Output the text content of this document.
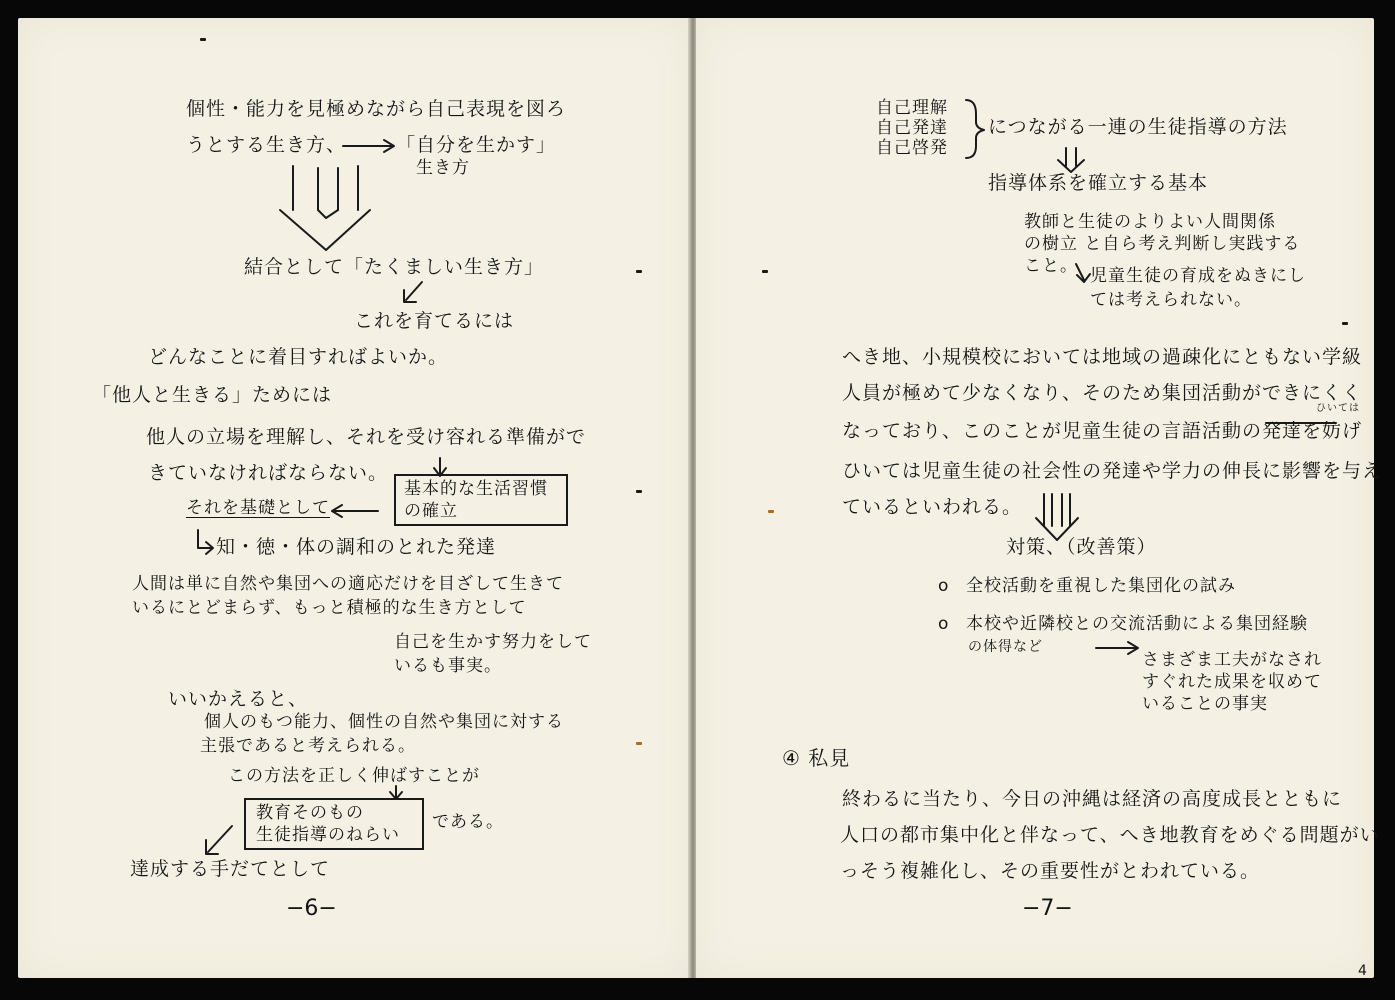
個性・能力を見極めながら自己表現を図ろ
うとする生き方、	「自分を生かす」
生き方
結合として「たくましい生き方」
これを育てるには
どんなことに着目すればよいか。
「他人と生きる」ためには
他人の立場を理解し、それを受け容れる準備がで
きていなければならない。
基本的な生活習慣
の確立
それを基礎として
知・徳・体の調和のとれた発達
人間は単に自然や集団への適応だけを目ざして生きて
いるにとどまらず、もっと積極的な生き方として
自己を生かす努力をして
いるも事実。
いいかえると、
個人のもつ能力、個性の自然や集団に対する
主張であると考えられる。
この方法を正しく伸ばすことが
教育そのもの
生徒指導のねらい
である。
達成する手だてとして
−6−
自己理解
自己発達
自己啓発
につながる一連の生徒指導の方法
指導体系を確立する基本
教師と生徒のよりよい人間関係
の樹立 と自ら考え判断し実践する
こと。 児童生徒の育成をぬきにし
ては考えられない。
へき地、小規模校においては地域の過疎化にともない学級
人員が極めて少なくなり、そのため集団活動ができにくく
ひいては
なっており、このことが児童生徒の言語活動の発達を妨げ
ひいては児童生徒の社会性の発達や学力の伸長に影響を与え
ているといわれる。
対策、（改善策）
o 全校活動を重視した集団化の試み
o 本校や近隣校との交流活動による集団経験
の体得など
さまざま工夫がなされ
すぐれた成果を収めて
いることの事実
④ 私見
終わるに当たり、今日の沖縄は経済の高度成長とともに
人口の都市集中化と伴なって、へき地教育をめぐる問題がい
っそう複雑化し、その重要性がとわれている。
−7−
4
